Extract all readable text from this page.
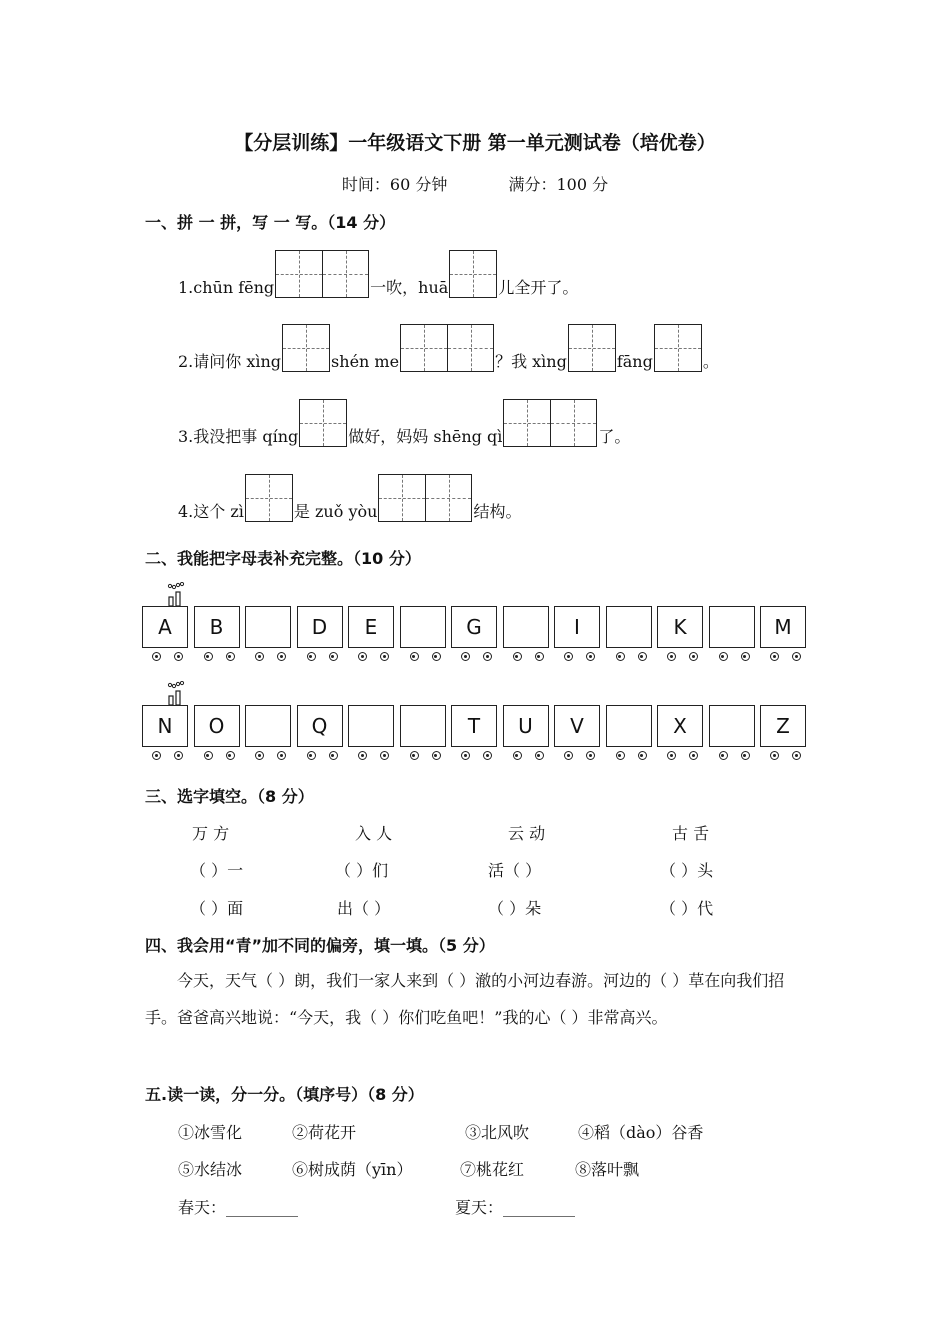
【分层训练】一年级语文下册 第一单元测试卷（培优卷）
时间：60 分钟	满分：100 分
一、拼 一 拼，写 一 写。（14 分）
1.chūn fēng	一吹，huā	儿全开了。
2.请问你 xìng	shén me	？我 xìng	fāng	。
3.我没把事 qíng	做好，妈妈 shēng qì	了。
4.这个 zì	是 zuǒ yòu	结构。
二、我能把字母表补充完整。（10 分）
A	B	D	E	G	I	K	M
N	O	Q	T	U	V	X	Z
三、选字填空。（8 分）
万 方	入 人	云 动	古 舌
（ ）一	（ ）们	活（ ）	（ ）头
（ ）面	出（ ）	（ ）朵	（ ）代
四、我会用“青”加不同的偏旁，填一填。（5 分）
今天，天气（ ）朗，我们一家人来到（ ）澈的小河边春游。河边的（ ）草在向我们招手。爸爸高兴地说：“今天，我（ ）你们吃鱼吧！”我的心（ ）非常高兴。
五.读一读，分一分。（填序号）（8 分）
①冰雪化	②荷花开	③北风吹	④稻（dào）谷香
⑤水结冰	⑥树成荫（yīn）	⑦桃花红	⑧落叶飘
春天：_________	夏天：_________
